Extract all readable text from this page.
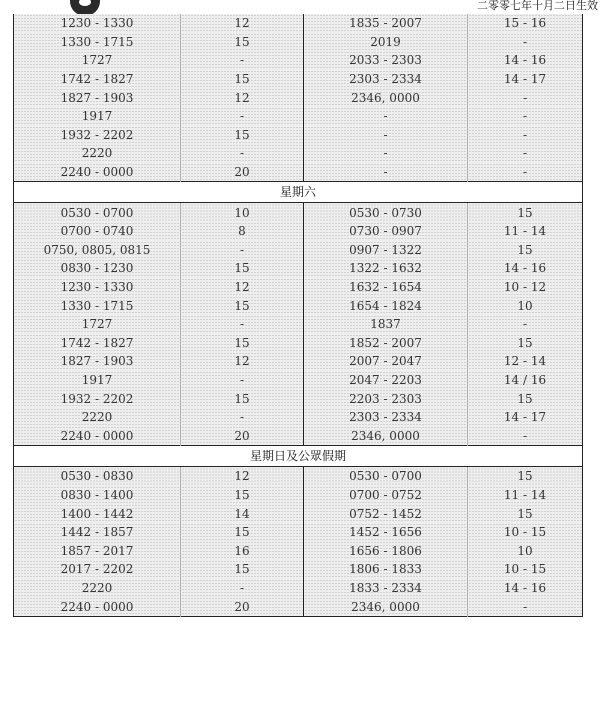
二零零七年十月二日生效
1230 - 1330	12	1835 - 2007	15 - 16
1330 - 1715	15	2019	-
1727	-	2033 - 2303	14 - 16
1742 - 1827	15	2303 - 2334	14 - 17
1827 - 1903	12	2346, 0000	-
1917	-	-	-
1932 - 2202	15	-	-
2220	-	-	-
2240 - 0000	20	-	-
星期六			
0530 - 0700	10	0530 - 0730	15
0700 - 0740	8	0730 - 0907	11 - 14
0750, 0805, 0815	-	0907 - 1322	15
0830 - 1230	15	1322 - 1632	14 - 16
1230 - 1330	12	1632 - 1654	10 - 12
1330 - 1715	15	1654 - 1824	10
1727	-	1837	-
1742 - 1827	15	1852 - 2007	15
1827 - 1903	12	2007 - 2047	12 - 14
1917	-	2047 - 2203	14 / 16
1932 - 2202	15	2203 - 2303	15
2220	-	2303 - 2334	14 - 17
2240 - 0000	20	2346, 0000	-
星期日及公眾假期			
0530 - 0830	12	0530 - 0700	15
0830 - 1400	15	0700 - 0752	11 - 14
1400 - 1442	14	0752 - 1452	15
1442 - 1857	15	1452 - 1656	10 - 15
1857 - 2017	16	1656 - 1806	10
2017 - 2202	15	1806 - 1833	10 - 15
2220	-	1833 - 2334	14 - 16
2240 - 0000	20	2346, 0000	-
